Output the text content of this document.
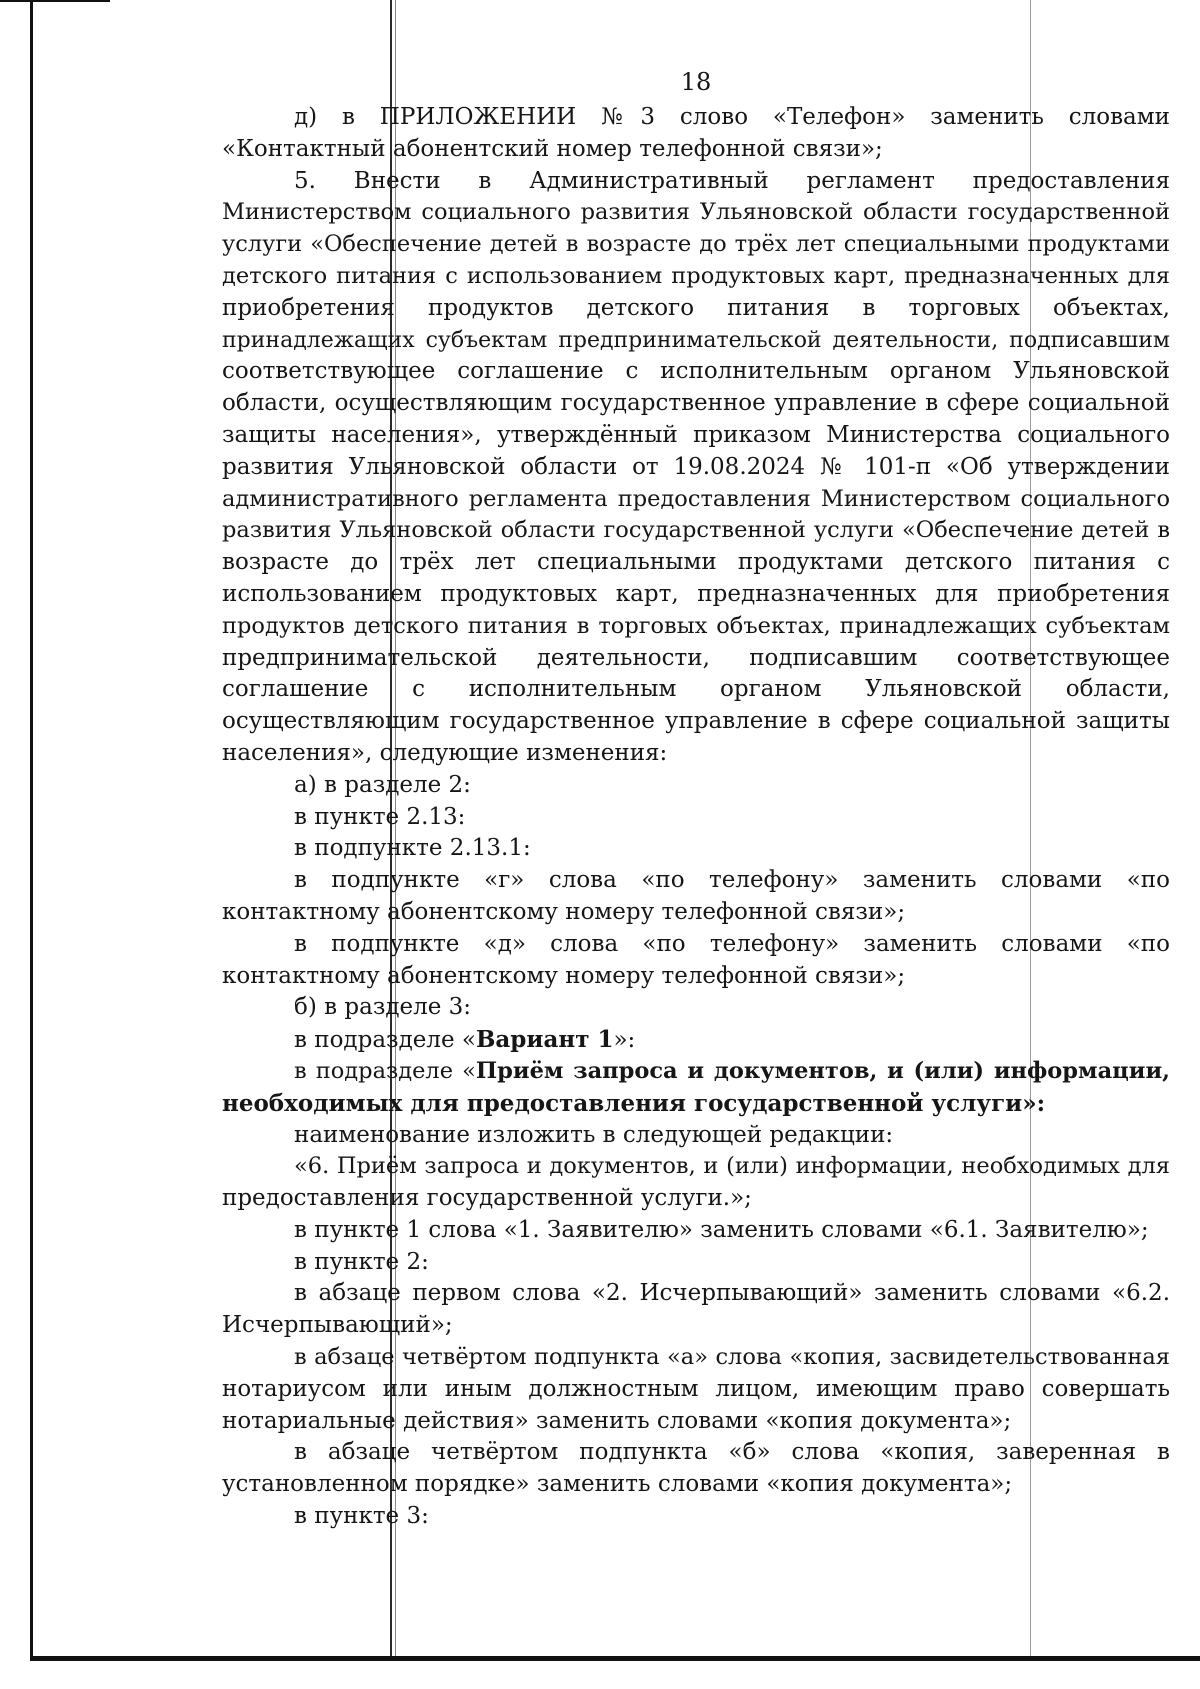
18
д) в ПРИЛОЖЕНИИ №3 слово «Телефон» заменить словами
«Контактный абонентский номер телефонной связи»;
5. Внести в Административный регламент предоставления
Министерством социального развития Ульяновской области государственной
услуги «Обеспечение детей в возрасте до трёх лет специальными продуктами
детского питания с использованием продуктовых карт, предназначенных для
приобретения продуктов детского питания в торговых объектах,
принадлежащих субъектам предпринимательской деятельности, подписавшим
соответствующее соглашение с исполнительным органом Ульяновской
области, осуществляющим государственное управление в сфере социальной
защиты населения», утверждённый приказом Министерства социального
развития Ульяновской области от 19.08.2024 № 101-п «Об утверждении
административного регламента предоставления Министерством социального
развития Ульяновской области государственной услуги «Обеспечение детей в
возрасте до трёх лет специальными продуктами детского питания с
использованием продуктовых карт, предназначенных для приобретения
продуктов детского питания в торговых объектах, принадлежащих субъектам
предпринимательской деятельности, подписавшим соответствующее
соглашение с исполнительным органом Ульяновской области,
осуществляющим государственное управление в сфере социальной защиты
населения», следующие изменения:
а) в разделе 2:
в пункте 2.13:
в подпункте 2.13.1:
в подпункте «г» слова «по телефону» заменить словами «по
контактному абонентскому номеру телефонной связи»;
в подпункте «д» слова «по телефону» заменить словами «по
контактному абонентскому номеру телефонной связи»;
б) в разделе 3:
в подразделе «Вариант 1»:
в подразделе «Приём запроса и документов, и (или) информации,
необходимых для предоставления государственной услуги»:
наименование изложить в следующей редакции:
«6. Приём запроса и документов, и (или) информации, необходимых для
предоставления государственной услуги.»;
в пункте 1 слова «1. Заявителю» заменить словами «6.1. Заявителю»;
в пункте 2:
в абзаце первом слова «2. Исчерпывающий» заменить словами «6.2.
Исчерпывающий»;
в абзаце четвёртом подпункта «а» слова «копия, засвидетельствованная
нотариусом или иным должностным лицом, имеющим право совершать
нотариальные действия» заменить словами «копия документа»;
в абзаце четвёртом подпункта «б» слова «копия, заверенная в
установленном порядке» заменить словами «копия документа»;
в пункте 3:
